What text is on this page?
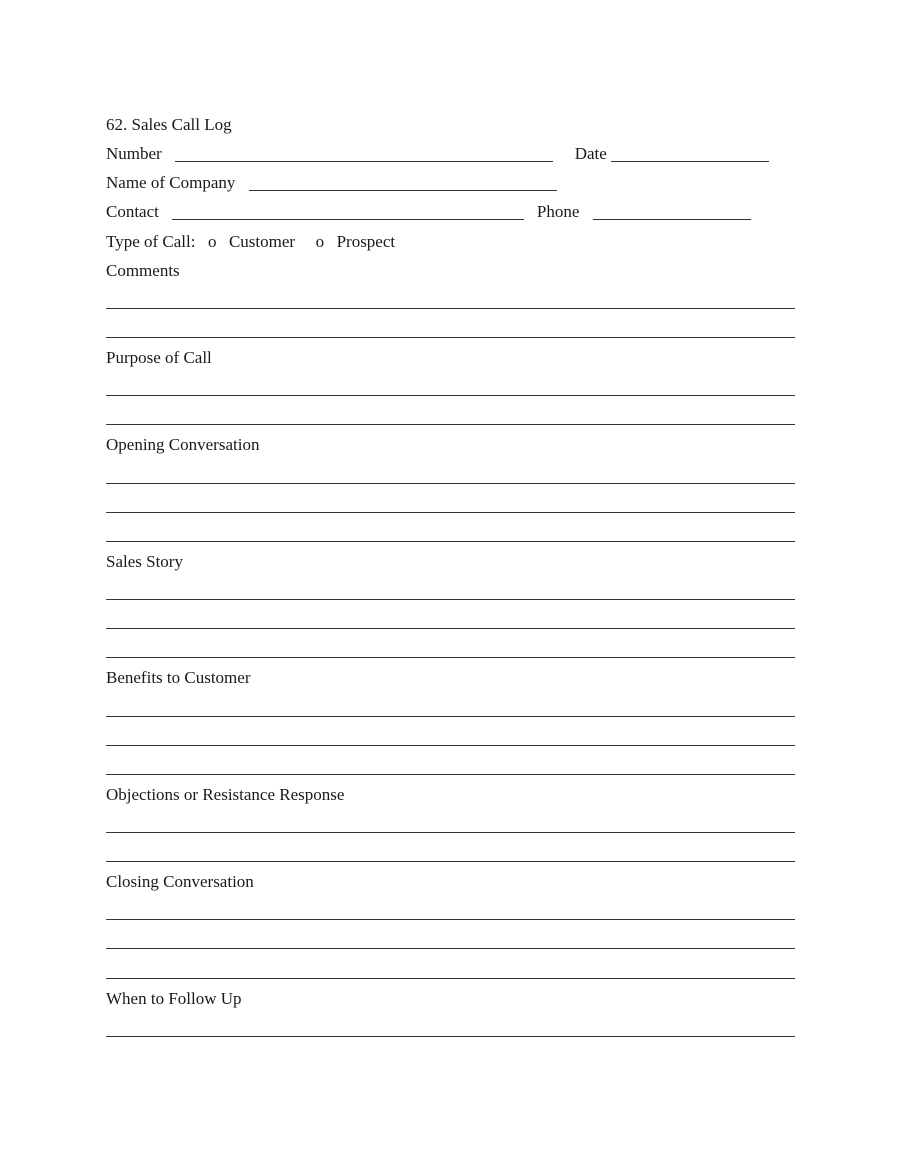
62. Sales Call Log
Number	Date
Name of Company
Contact	Phone
Type of Call: o Customer o Prospect
Comments
Purpose of Call
Opening Conversation
Sales Story
Benefits to Customer
Objections or Resistance Response
Closing Conversation
When to Follow Up
